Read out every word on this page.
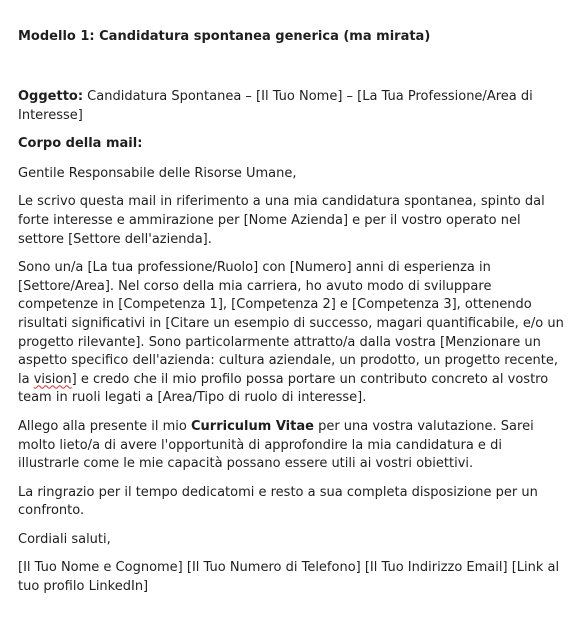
Modello 1: Candidatura spontanea generica (ma mirata)

Oggetto: Candidatura Spontanea – [Il Tuo Nome] – [La Tua Professione/Area di Interesse]

Corpo della mail:

Gentile Responsabile delle Risorse Umane,

Le scrivo questa mail in riferimento a una mia candidatura spontanea, spinto dal forte interesse e ammirazione per [Nome Azienda] e per il vostro operato nel settore [Settore dell'azienda].

Sono un/a [La tua professione/Ruolo] con [Numero] anni di esperienza in [Settore/Area]. Nel corso della mia carriera, ho avuto modo di sviluppare competenze in [Competenza 1], [Competenza 2] e [Competenza 3], ottenendo risultati significativi in [Citare un esempio di successo, magari quantificabile, e/o un progetto rilevante]. Sono particolarmente attratto/a dalla vostra [Menzionare un aspetto specifico dell'azienda: cultura aziendale, un prodotto, un progetto recente, la vision] e credo che il mio profilo possa portare un contributo concreto al vostro team in ruoli legati a [Area/Tipo di ruolo di interesse].

Allego alla presente il mio Curriculum Vitae per una vostra valutazione. Sarei molto lieto/a di avere l'opportunità di approfondire la mia candidatura e di illustrarle come le mie capacità possano essere utili ai vostri obiettivi.

La ringrazio per il tempo dedicatomi e resto a sua completa disposizione per un confronto.

Cordiali saluti,

[Il Tuo Nome e Cognome] [Il Tuo Numero di Telefono] [Il Tuo Indirizzo Email] [Link al tuo profilo LinkedIn]
